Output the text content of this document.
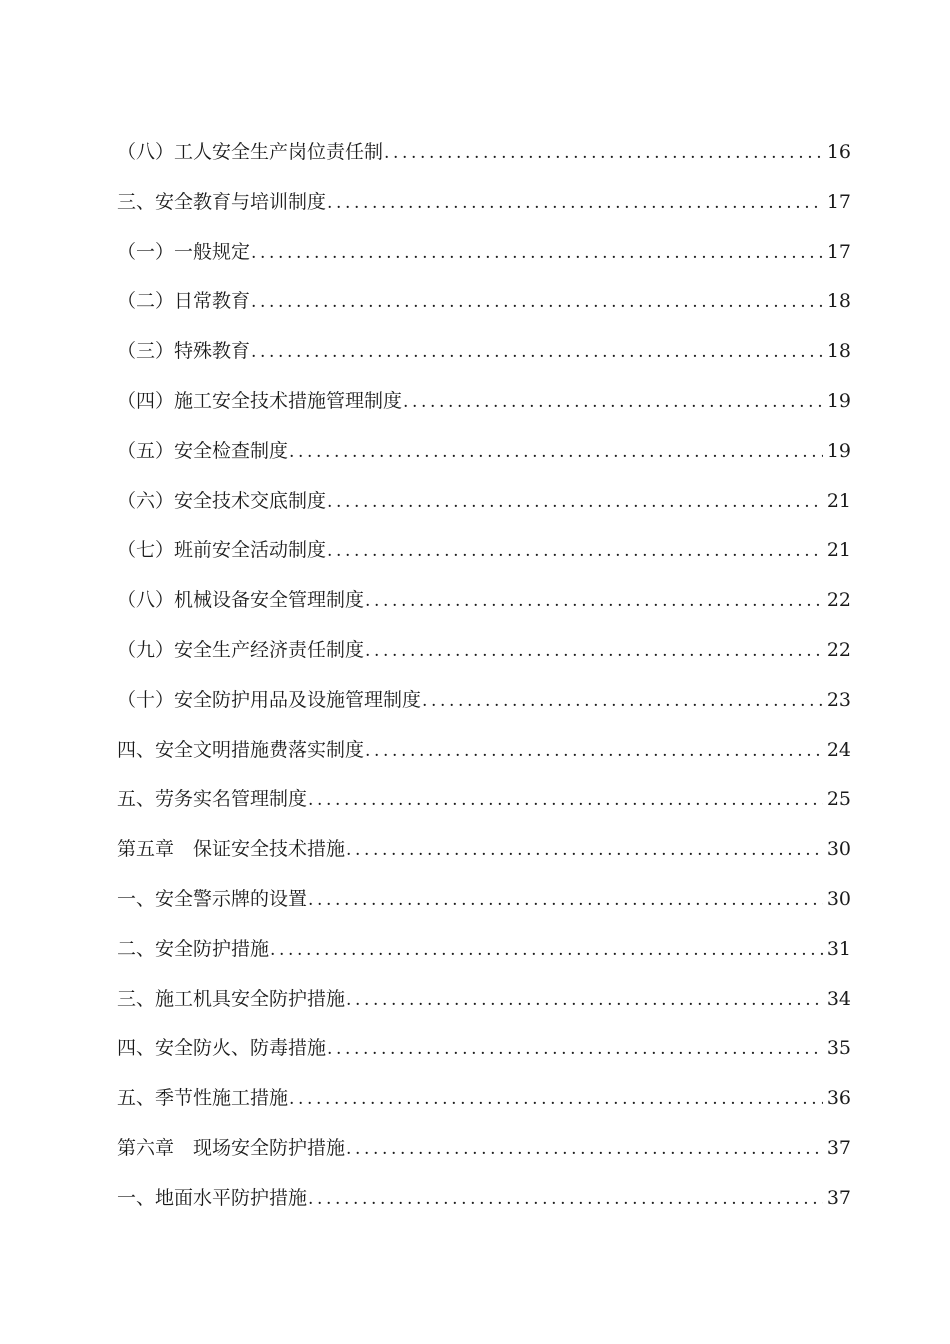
（八）工人安全生产岗位责任制 .....	16
三、安全教育与培训制度 .....	17
（一）一般规定 .....	17
（二）日常教育 .....	18
（三）特殊教育 .....	18
（四）施工安全技术措施管理制度 .....	19
（五）安全检查制度 .....	19
（六）安全技术交底制度 .....	21
（七）班前安全活动制度 .....	21
（八）机械设备安全管理制度 .....	22
（九）安全生产经济责任制度 .....	22
（十）安全防护用品及设施管理制度 .....	23
四、安全文明措施费落实制度 .....	24
五、劳务实名管理制度 .....	25
第五章　保证安全技术措施 .....	30
一、安全警示牌的设置 .....	30
二、安全防护措施 .....	31
三、施工机具安全防护措施 .....	34
四、安全防火、防毒措施 .....	35
五、季节性施工措施 .....	36
第六章　现场安全防护措施 .....	37
一、地面水平防护措施 .....	37
